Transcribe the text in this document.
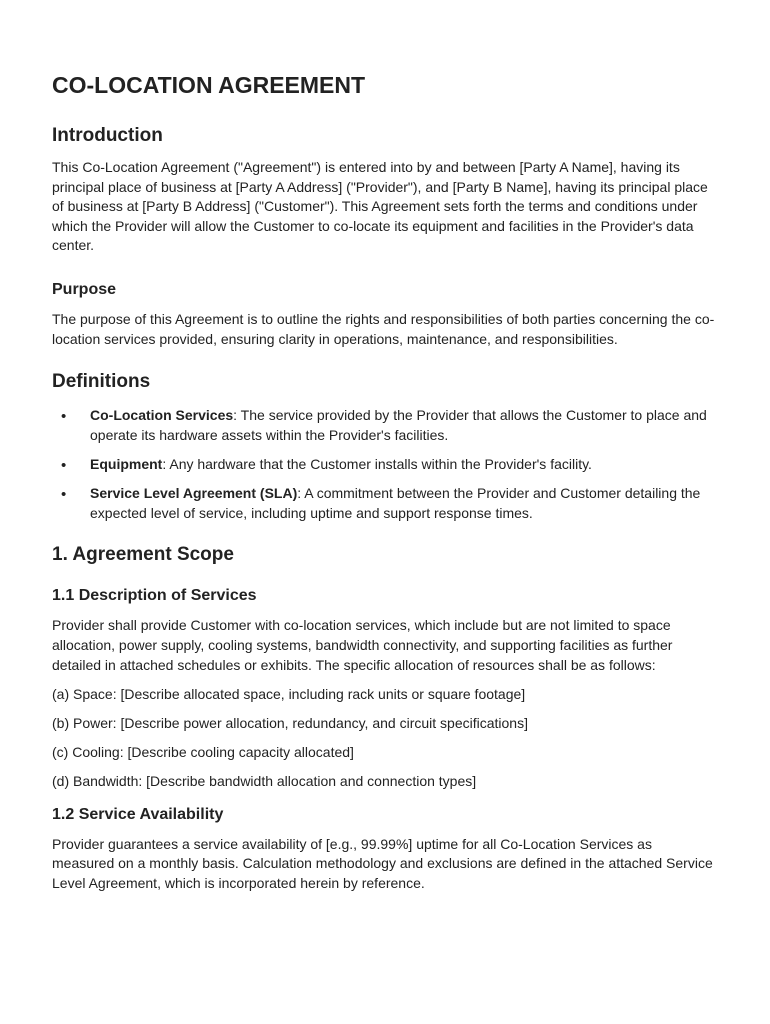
CO-LOCATION AGREEMENT
Introduction

This Co-Location Agreement ("Agreement") is entered into by and between [Party A Name], having its principal place of business at [Party A Address] ("Provider"), and [Party B Name], having its principal place of business at [Party B Address] ("Customer"). This Agreement sets forth the terms and conditions under which the Provider will allow the Customer to co-locate its equipment and facilities in the Provider's data center.

Purpose

The purpose of this Agreement is to outline the rights and responsibilities of both parties concerning the co-location services provided, ensuring clarity in operations, maintenance, and responsibilities.

Definitions
• Co-Location Services: The service provided by the Provider that allows the Customer to place and operate its hardware assets within the Provider's facilities.
• Equipment: Any hardware that the Customer installs within the Provider's facility.
• Service Level Agreement (SLA): A commitment between the Provider and Customer detailing the expected level of service, including uptime and support response times.
1. Agreement Scope
1.1 Description of Services

Provider shall provide Customer with co-location services, which include but are not limited to space allocation, power supply, cooling systems, bandwidth connectivity, and supporting facilities as further detailed in attached schedules or exhibits. The specific allocation of resources shall be as follows:

(a) Space: [Describe allocated space, including rack units or square footage]

(b) Power: [Describe power allocation, redundancy, and circuit specifications]

(c) Cooling: [Describe cooling capacity allocated]

(d) Bandwidth: [Describe bandwidth allocation and connection types]

1.2 Service Availability

Provider guarantees a service availability of [e.g., 99.99%] uptime for all Co-Location Services as measured on a monthly basis. Calculation methodology and exclusions are defined in the attached Service Level Agreement, which is incorporated herein by reference.
